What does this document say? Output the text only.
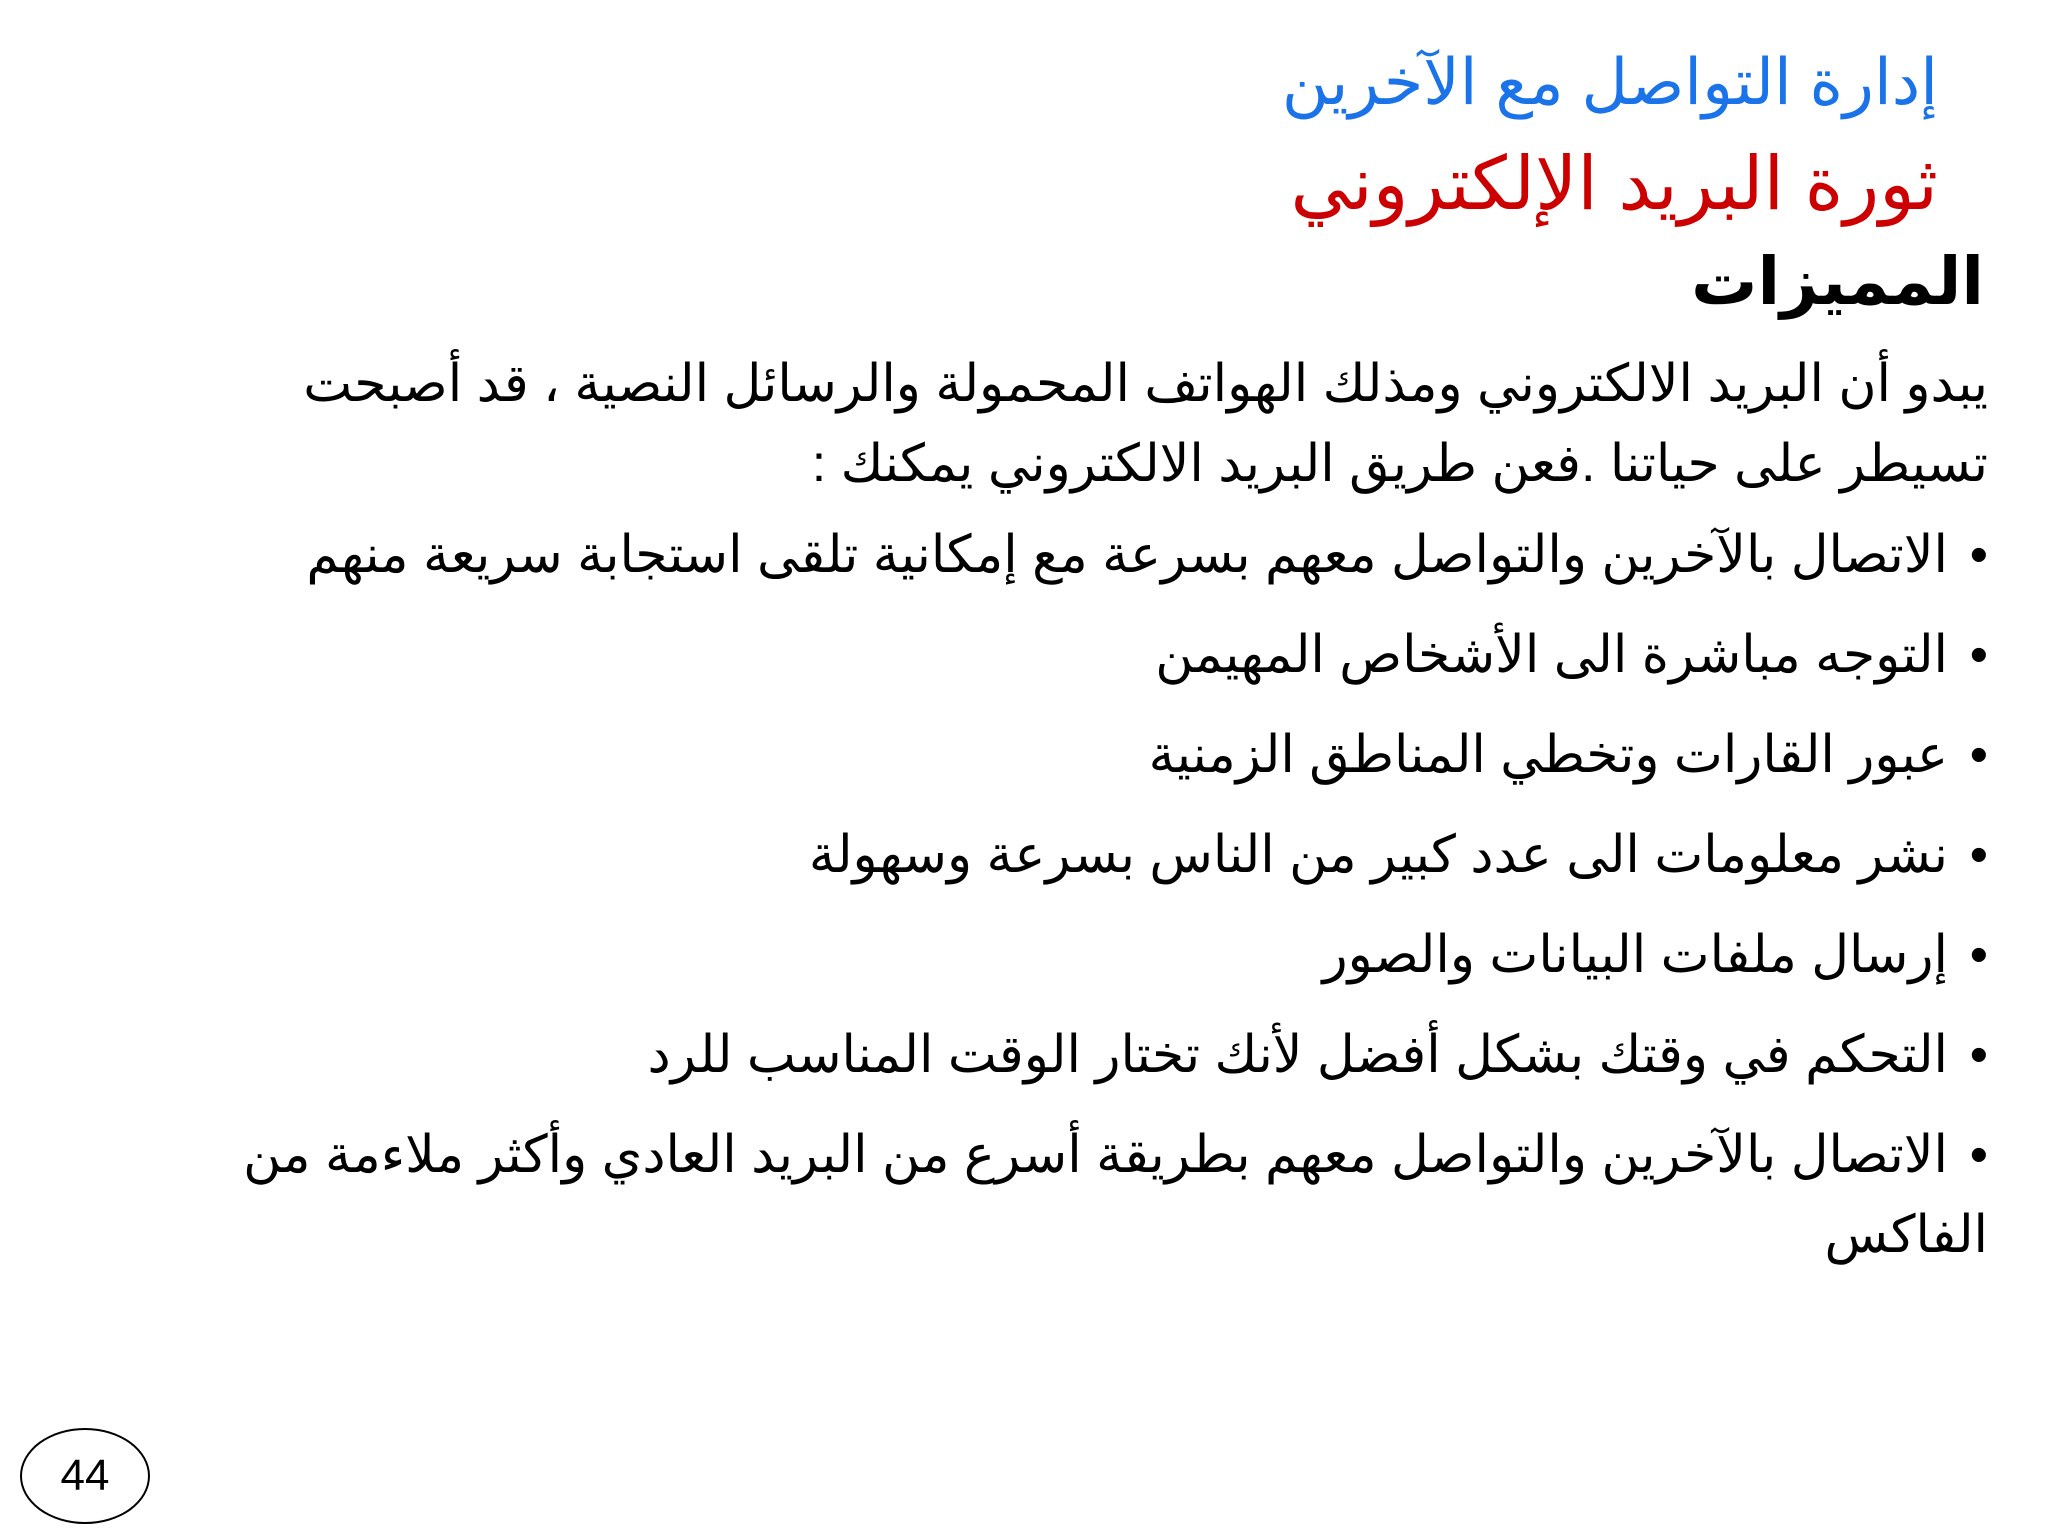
إدارة التواصل مع الآخرين
ثورة البريد الإلكتروني
المميزات
يبدو أن البريد الالكتروني ومذلك الهواتف المحمولة والرسائل النصية ، قد أصبحت
تسيطر على حياتنا .فعن طريق البريد الالكتروني يمكنك :
•الاتصال بالآخرين والتواصل معهم بسرعة مع إمكانية تلقى استجابة سريعة منهم
•التوجه مباشرة الى الأشخاص المهيمن
•عبور القارات وتخطي المناطق الزمنية
•نشر معلومات الى عدد كبير من الناس بسرعة وسهولة
•إرسال ملفات البيانات والصور
•التحكم في وقتك بشكل أفضل لأنك تختار الوقت المناسب للرد
•الاتصال بالآخرين والتواصل معهم بطريقة أسرع من البريد العادي وأكثر ملاءمة من
الفاكس
44
